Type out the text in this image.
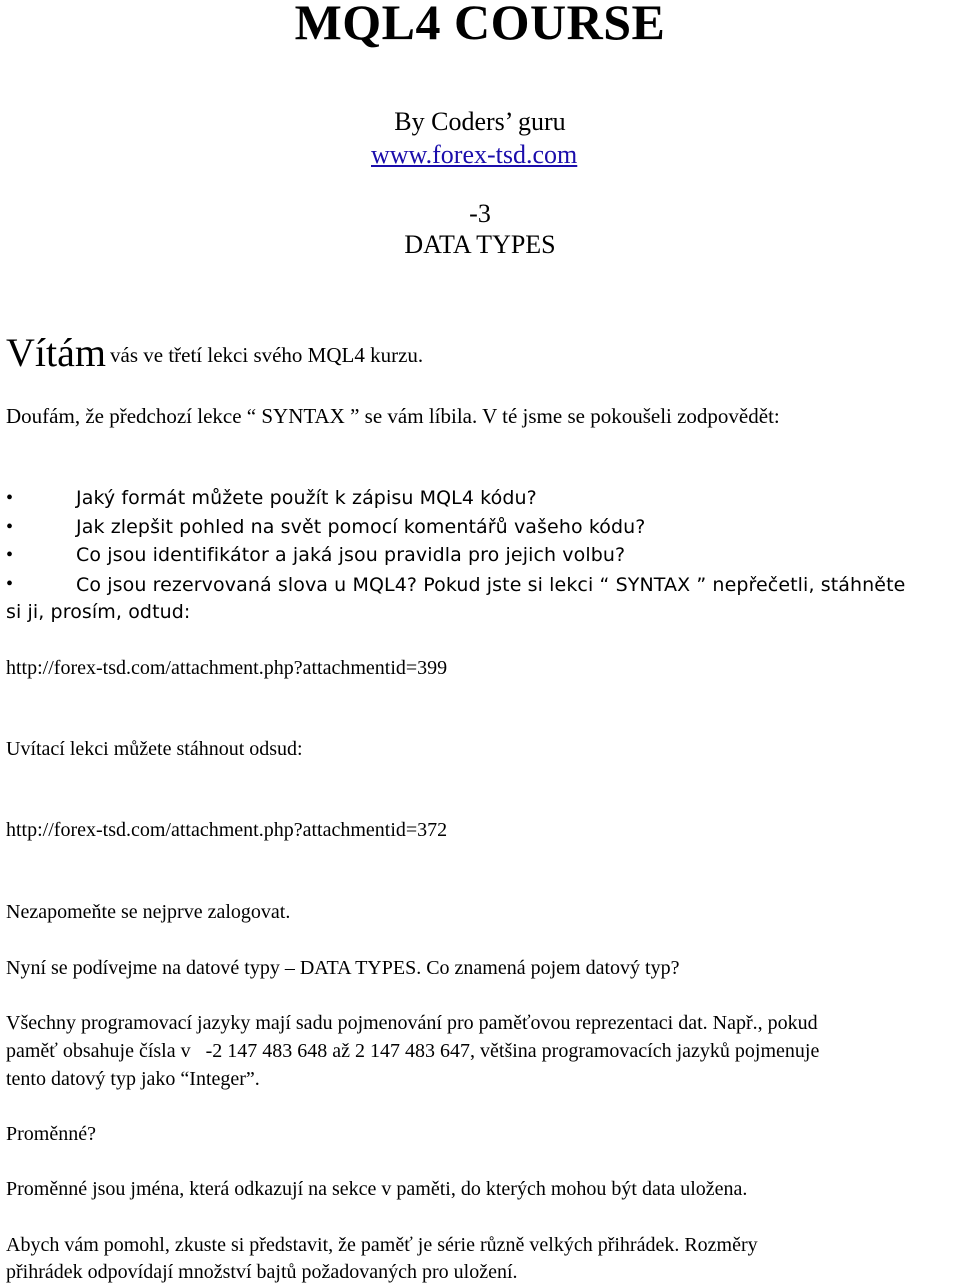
MQL4 COURSE

By Coders’ guru

www.forex-tsd.com

-3

DATA TYPES

Vítám vás ve třetí lekci svého MQL4 kurzu.

Doufám, že předchozí lekce “ SYNTAX ” se vám líbila. V té jsme se pokoušeli zodpovědět:

•	Jaký formát můžete použít k zápisu MQL4 kódu?
•	Jak zlepšit pohled na svět pomocí komentářů vašeho kódu?
•	Co jsou identifikátor a jaká jsou pravidla pro jejich volbu?
•	Co jsou rezervovaná slova u MQL4? Pokud jste si lekci “ SYNTAX ” nepřečetli, stáhněte
si ji, prosím, odtud:

http://forex-tsd.com/attachment.php?attachmentid=399

Uvítací lekci můžete stáhnout odsud:

http://forex-tsd.com/attachment.php?attachmentid=372

Nezapomeňte se nejprve zalogovat.

Nyní se podívejme na datové typy – DATA TYPES. Co znamená pojem datový typ?

Všechny programovací jazyky mají sadu pojmenování pro paměťovou reprezentaci dat. Např., pokud

paměť obsahuje čísla v   -2 147 483 648 až 2 147 483 647, většina programovacích jazyků pojmenuje

tento datový typ jako “Integer”.

Proměnné?

Proměnné jsou jména, která odkazují na sekce v paměti, do kterých mohou být data uložena.

Abych vám pomohl, zkuste si představit, že paměť je série různě velkých přihrádek. Rozměry

přihrádek odpovídají množství bajtů požadovaných pro uložení.
